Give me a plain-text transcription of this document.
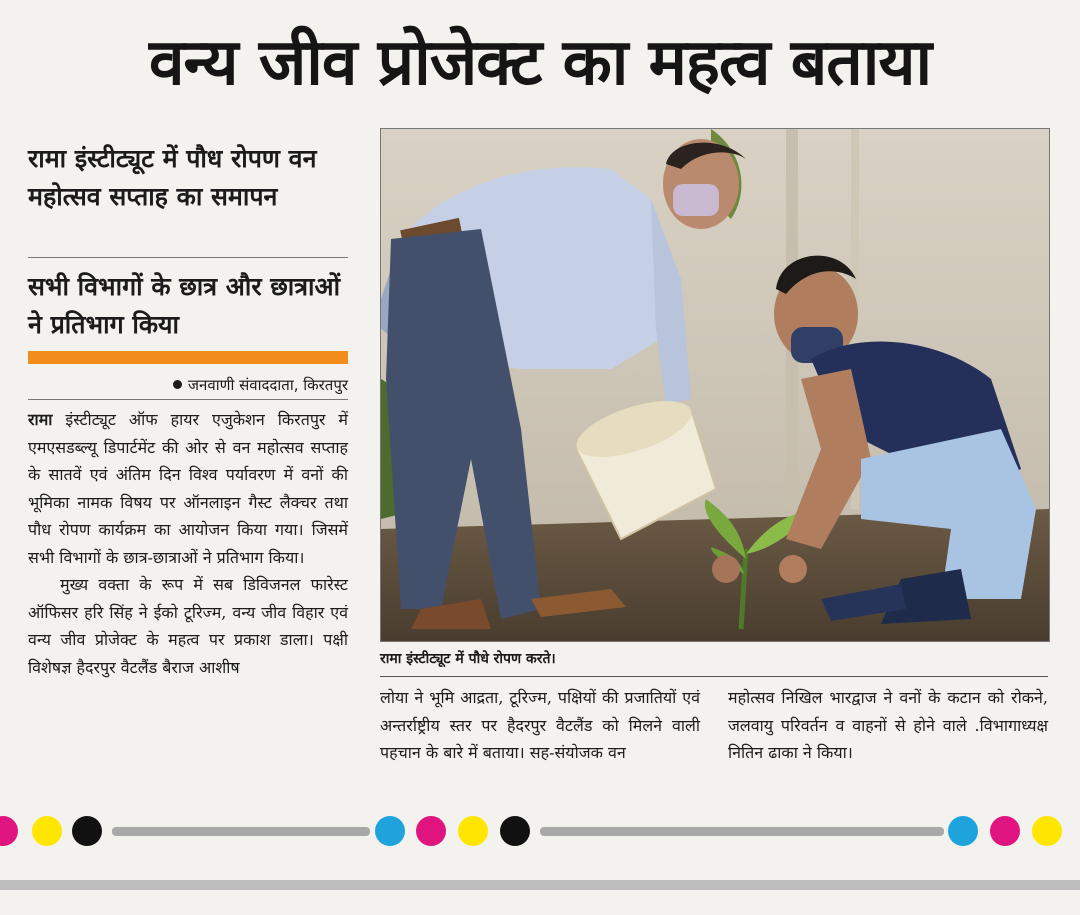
वन्य जीव प्रोजेक्ट का महत्व बताया
रामा इंस्टीट्यूट में पौध रोपण वन महोत्सव सप्ताह का समापन
सभी विभागों के छात्र और छात्राओं ने प्रतिभाग किया
जनवाणी संवाददाता, किरतपुर

रामा इंस्टीट्यूट ऑफ हायर एजुकेशन किरतपुर में एमएसडब्ल्यू डिपार्टमेंट की ओर से वन महोत्सव सप्ताह के सातवें एवं अंतिम दिन विश्व पर्यावरण में वनों की भूमिका नामक विषय पर ऑनलाइन गैस्ट लैक्चर तथा पौध रोपण कार्यक्रम का आयोजन किया गया। जिसमें सभी विभागों के छात्र-छात्राओं ने प्रतिभाग किया।

मुख्य वक्ता के रूप में सब डिविजनल फारेस्ट ऑफिसर हरि सिंह ने ईको टूरिज्म, वन्य जीव विहार एवं वन्य जीव प्रोजेक्ट के महत्व पर प्रकाश डाला। पक्षी विशेषज्ञ हैदरपुर वैटलैंड बैराज आशीष	रामा इंस्टीट्यूट में पौधे रोपण करते।

लोया ने भूमि आद्रता, टूरिज्म, पक्षियों की प्रजातियों एवं अन्तर्राष्ट्रीय स्तर पर हैदरपुर वैटलैंड को मिलने वाली पहचान के बारे में बताया। सह-संयोजक वन

महोत्सव निखिल भारद्वाज ने वनों के कटान को रोकने, जलवायु परिवर्तन व वाहनों से होने वाले .विभागाध्यक्ष नितिन ढाका ने किया।
